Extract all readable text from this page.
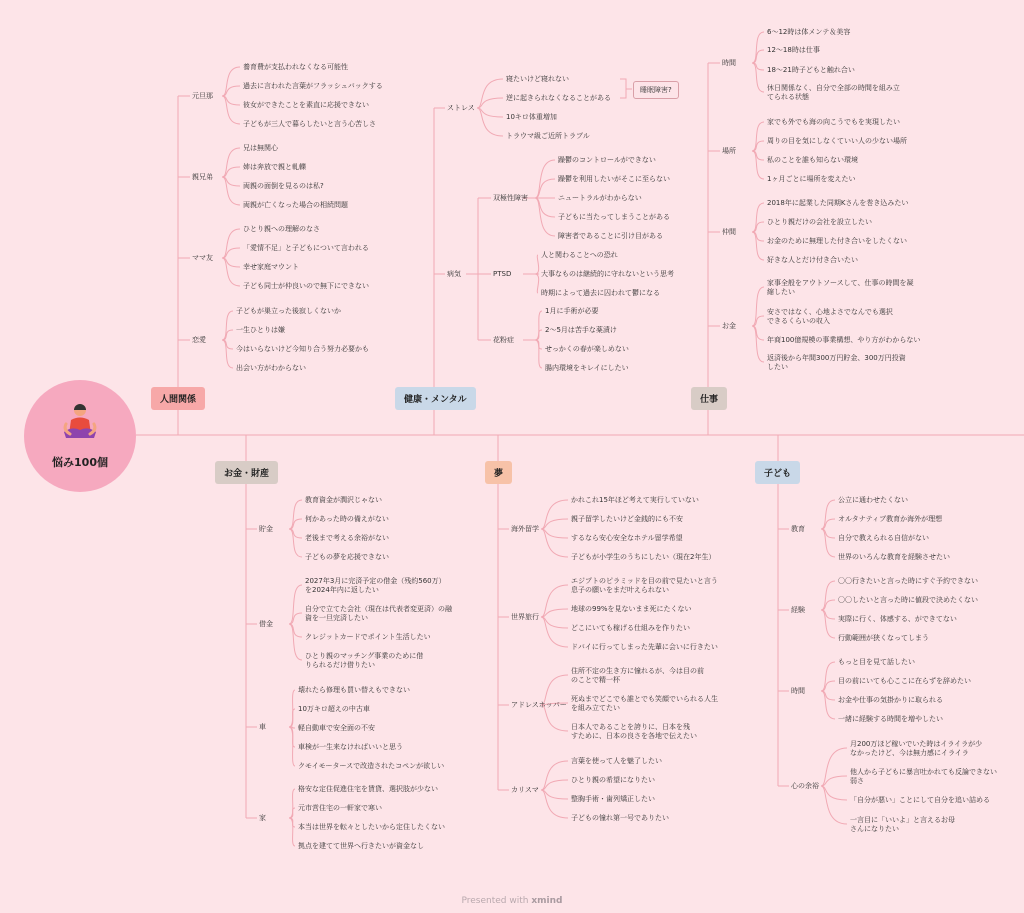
悩み100個
元旦那
養育費が支払われなくなる可能性
過去に言われた言葉がフラッシュバックする
彼女ができたことを素直に応援できない
子どもが三人で暮らしたいと言う心苦しさ
親兄弟
兄は無関心
姉は奔放で親と軋轢
両親の面倒を見るのは私?
両親が亡くなった場合の相続問題
ママ友
ひとり親への理解のなさ
「愛情不足」と子どもについて言われる
幸せ家庭マウント
子ども同士が仲良いので無下にできない
恋愛
子どもが巣立った後寂しくないか
一生ひとりは嫌
今はいらないけど今知り合う努力必要かも
出会い方がわからない
ストレス
寝たいけど寝れない
逆に起きられなくなることがある
10キロ体重増加
トラウマ級ご近所トラブル
病気
双極性障害
躁鬱のコントロールができない
躁鬱を利用したいがそこに至らない
ニュートラルがわからない
子どもに当たってしまうことがある
障害者であることに引け目がある
PTSD
人と関わることへの恐れ
大事なものは継続的に守れないという思考
時期によって過去に囚われて鬱になる
花粉症
1月に手術が必要
2〜5月は苦手な薬漬け
せっかくの春が楽しめない
腸内環境をキレイにしたい
時間
6〜12時は体メンテ＆美容
12〜18時は仕事
18〜21時子どもと触れ合い
休日関係なく、自分で全部の時間を組み立
てられる状態
場所
家でも外でも海の向こうでもを実現したい
周りの目を気にしなくていい人の少ない場所
私のことを誰も知らない環境
1ヶ月ごとに場所を変えたい
仲間
2018年に起業した同期Kさんを巻き込みたい
ひとり親だけの会社を設立したい
お金のために無理した付き合いをしたくない
好きな人とだけ付き合いたい
お金
家事全般をアウトソースして、仕事の時間を凝
縮したい
安さではなく、心地よさでなんでも選択
できるくらいの収入
年商100億規模の事業構想、やり方がわからない
返済後から年間300万円貯金、300万円投資
したい
貯金
教育資金が潤沢じゃない
何かあった時の備えがない
老後まで考える余裕がない
子どもの夢を応援できない
借金
2027年3月に完済予定の借金（残約560万）
を2024年内に返したい
自分で立てた会社（現在は代表者変更済）の融
資を一旦完済したい
クレジットカードでポイント生活したい
ひとり親のマッチング事業のために借
りられるだけ借りたい
車
壊れたら修理も買い替えもできない
10万キロ超えの中古車
軽自動車で安全面の不安
車検が一生来なければいいと思う
クモイモータースで改造されたコペンが欲しい
家
格安な定住促進住宅を賃貸、選択肢が少ない
元市営住宅の一軒家で寒い
本当は世界を転々としたいから定住したくない
拠点を建てて世界へ行きたいが資金なし
海外留学
かれこれ15年ほど考えて実行していない
親子留学したいけど金銭的にも不安
するなら安心安全なホテル留学希望
子どもが小学生のうちにしたい（現在2年生）
世界旅行
エジプトのピラミッドを目の前で見たいと言う
息子の願いをまだ叶えられない
地球の99%を見ないまま死にたくない
どこにいても稼げる仕組みを作りたい
ドバイに行ってしまった先輩に会いに行きたい
アドレスホッパー
住所不定の生き方に憧れるが、今は目の前
のことで精一杯
死ぬまでどこでも誰とでも笑顔でいられる人生
を組み立てたい
日本人であることを誇りに、日本を残
すために、日本の良さを各地で伝えたい
カリスマ
言葉を使って人を魅了したい
ひとり親の希望になりたい
整胸手術・歯列矯正したい
子どもの憧れ第一号でありたい
教育
公立に通わせたくない
オルタナティブ教育か海外が理想
自分で教えられる自信がない
世界のいろんな教育を経験させたい
経験
〇〇行きたいと言った時にすぐ予約できない
〇〇したいと言った時に値段で決めたくない
実際に行く、体感する、ができてない
行動範囲が狭くなってしまう
時間
もっと目を見て話したい
目の前にいても心ここに在らずを辞めたい
お金や仕事の気掛かりに取られる
一緒に経験する時間を増やしたい
心の余裕
月200万ほど稼いでいた時はイライラが少
なかったけど、今は無力感にイライラ
他人から子どもに暴言吐かれても反論できない
弱さ
「自分が悪い」ことにして自分を追い詰める
一言目に「いいよ」と言えるお母
さんになりたい
人間関係	健康・メンタル	仕事
お金・財産	夢	子ども
睡眠障害?
Presented with xmind
